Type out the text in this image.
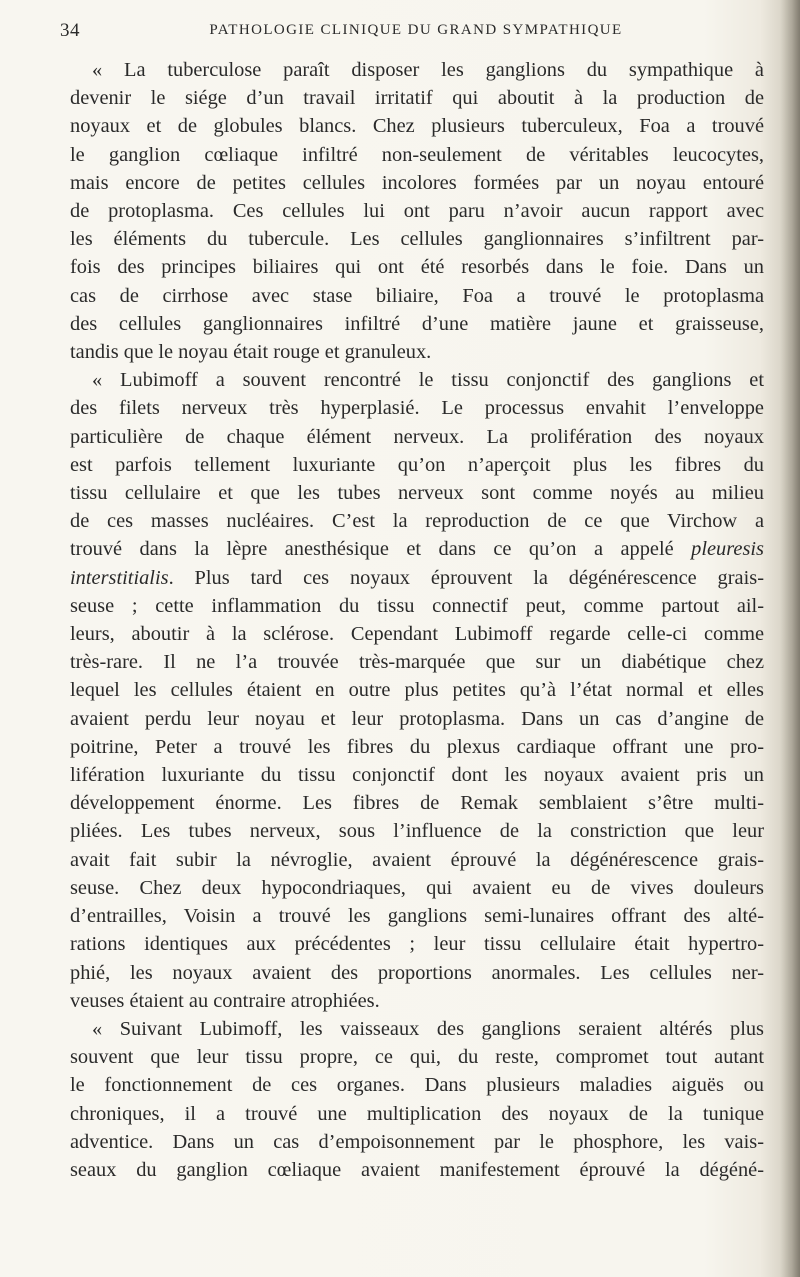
34	PATHOLOGIE CLINIQUE DU GRAND SYMPATHIQUE

« La tuberculose paraît disposer les ganglions du sympathique à
devenir le siége d’un travail irritatif qui aboutit à la production de
noyaux et de globules blancs. Chez plusieurs tuberculeux, Foa a trouvé
le ganglion cœliaque infiltré non-seulement de véritables leucocytes,
mais encore de petites cellules incolores formées par un noyau entouré
de protoplasma. Ces cellules lui ont paru n’avoir aucun rapport avec
les éléments du tubercule. Les cellules ganglionnaires s’infiltrent par-
fois des principes biliaires qui ont été resorbés dans le foie. Dans un
cas de cirrhose avec stase biliaire, Foa a trouvé le protoplasma
des cellules ganglionnaires infiltré d’une matière jaune et graisseuse,
tandis que le noyau était rouge et granuleux.

« Lubimoff a souvent rencontré le tissu conjonctif des ganglions et
des filets nerveux très hyperplasié. Le processus envahit l’enveloppe
particulière de chaque élément nerveux. La prolifération des noyaux
est parfois tellement luxuriante qu’on n’aperçoit plus les fibres du
tissu cellulaire et que les tubes nerveux sont comme noyés au milieu
de ces masses nucléaires. C’est la reproduction de ce que Virchow a
trouvé dans la lèpre anesthésique et dans ce qu’on a appelé pleuresis
interstitialis. Plus tard ces noyaux éprouvent la dégénérescence grais-
seuse ; cette inflammation du tissu connectif peut, comme partout ail-
leurs, aboutir à la sclérose. Cependant Lubimoff regarde celle-ci comme
très-rare. Il ne l’a trouvée très-marquée que sur un diabétique chez
lequel les cellules étaient en outre plus petites qu’à l’état normal et elles
avaient perdu leur noyau et leur protoplasma. Dans un cas d’angine de
poitrine, Peter a trouvé les fibres du plexus cardiaque offrant une pro-
lifération luxuriante du tissu conjonctif dont les noyaux avaient pris un
développement énorme. Les fibres de Remak semblaient s’être multi-
pliées. Les tubes nerveux, sous l’influence de la constriction que leur
avait fait subir la névroglie, avaient éprouvé la dégénérescence grais-
seuse. Chez deux hypocondriaques, qui avaient eu de vives douleurs
d’entrailles, Voisin a trouvé les ganglions semi-lunaires offrant des alté-
rations identiques aux précédentes ; leur tissu cellulaire était hypertro-
phié, les noyaux avaient des proportions anormales. Les cellules ner-
veuses étaient au contraire atrophiées.

« Suivant Lubimoff, les vaisseaux des ganglions seraient altérés plus
souvent que leur tissu propre, ce qui, du reste, compromet tout autant
le fonctionnement de ces organes. Dans plusieurs maladies aiguës ou
chroniques, il a trouvé une multiplication des noyaux de la tunique
adventice. Dans un cas d’empoisonnement par le phosphore, les vais-
seaux du ganglion cœliaque avaient manifestement éprouvé la dégéné-
